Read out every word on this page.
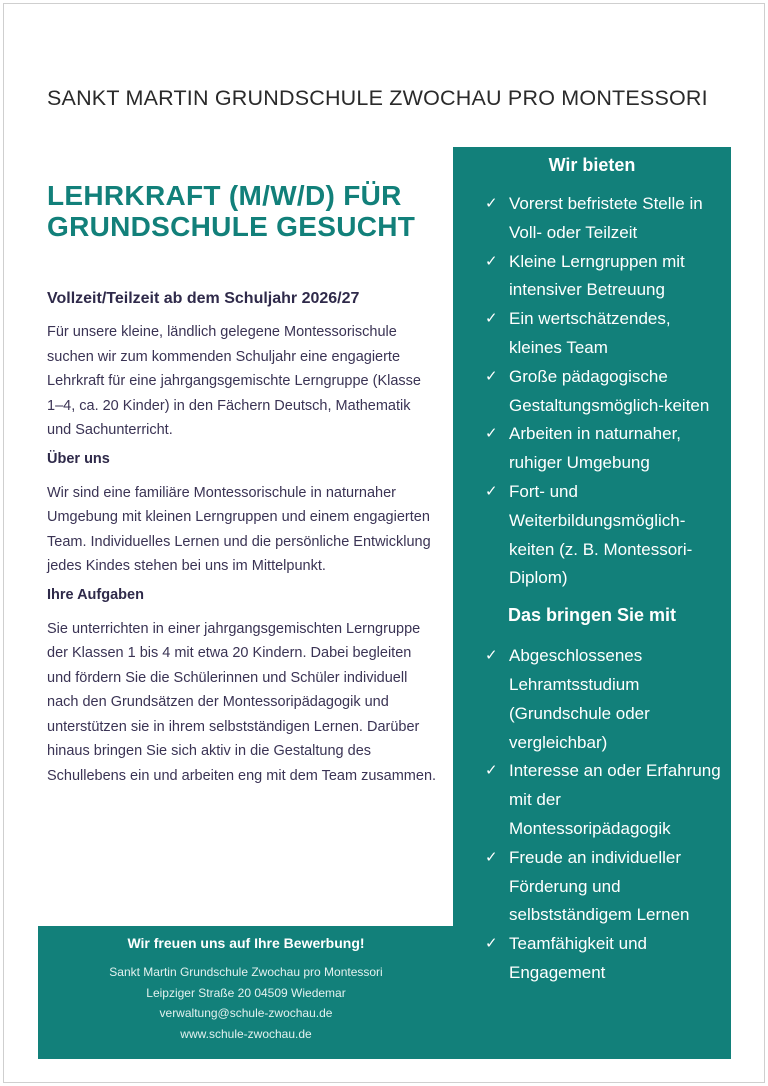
SANKT MARTIN GRUNDSCHULE ZWOCHAU PRO MONTESSORI
LEHRKRAFT (M/W/D) FÜR
GRUNDSCHULE GESUCHT
Vollzeit/Teilzeit ab dem Schuljahr 2026/27

Für unsere kleine, ländlich gelegene Montessorischule suchen wir zum kommenden Schuljahr eine engagierte Lehrkraft für eine jahrgangsgemischte Lerngruppe (Klasse 1–4, ca. 20 Kinder) in den Fächern Deutsch, Mathematik und Sachunterricht.

Über uns

Wir sind eine familiäre Montessorischule in naturnaher Umgebung mit kleinen Lerngruppen und einem engagierten Team. Individuelles Lernen und die persönliche Entwicklung jedes Kindes stehen bei uns im Mittelpunkt.

Ihre Aufgaben

Sie unterrichten in einer jahrgangsgemischten Lerngruppe der Klassen 1 bis 4 mit etwa 20 Kindern. Dabei begleiten und fördern Sie die Schülerinnen und Schüler individuell nach den Grundsätzen der Montessoripädagogik und unterstützen sie in ihrem selbstständigen Lernen. Darüber hinaus bringen Sie sich aktiv in die Gestaltung des Schullebens ein und arbeiten eng mit dem Team zusammen.

Wir bieten
✓ Vorerst befristete Stelle in Voll- oder Teilzeit
✓ Kleine Lerngruppen mit intensiver Betreuung
✓ Ein wertschätzendes, kleines Team
✓ Große pädagogische Gestaltungsmöglich-keiten
✓ Arbeiten in naturnaher, ruhiger Umgebung
✓ Fort- und Weiterbildungsmöglich-keiten (z. B. Montessori-Diplom)
Das bringen Sie mit
✓ Abgeschlossenes Lehramtsstudium (Grundschule oder vergleichbar)
✓ Interesse an oder Erfahrung mit der Montessoripädagogik
✓ Freude an individueller Förderung und selbstständigem Lernen
✓ Teamfähigkeit und Engagement
Wir freuen uns auf Ihre Bewerbung!
Sankt Martin Grundschule Zwochau pro Montessori
Leipziger Straße 20 04509 Wiedemar
verwaltung@schule-zwochau.de
www.schule-zwochau.de
